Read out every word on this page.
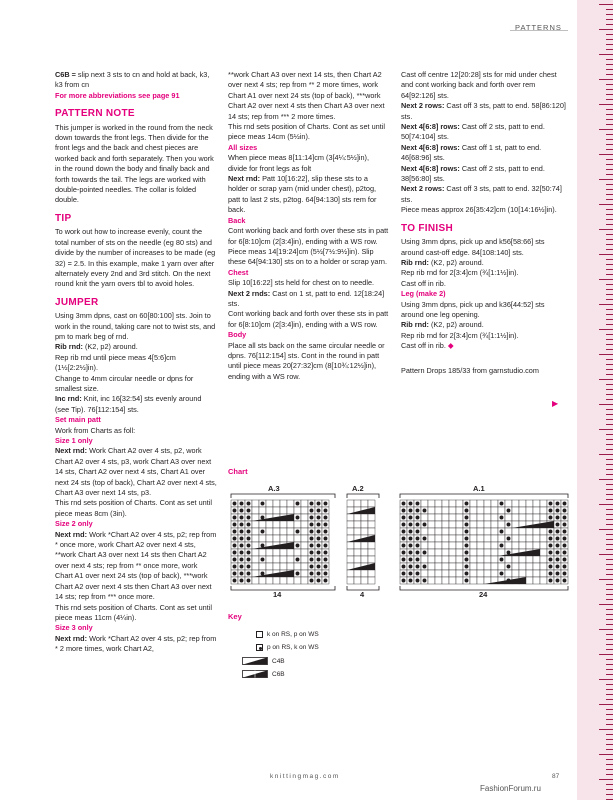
PATTERNS

C6B = slip next 3 sts to cn and hold at back, k3, k3 from cn

For more abbreviations see page 91

PATTERN NOTE

This jumper is worked in the round from the neck down towards the front legs. Then divide for the front legs and the back and chest pieces are worked back and forth separately. Then you work in the round down the body and finally back and forth towards the tail. The legs are worked with double-pointed needles. The collar is folded double.

TIP

To work out how to increase evenly, count the total number of sts on the needle (eg 80 sts) and divide by the number of increases to be made (eg 32) = 2.5. In this example, make 1 yarn over after alternately every 2nd and 3rd stitch. On the next round knit the yarn overs tbl to avoid holes.

JUMPER

Using 3mm dpns, cast on 60[80:100] sts. Join to work in the round, taking care not to twist sts, and pm to mark beg of rnd.

Rib rnd: (K2, p2) around.

Rep rib rnd until piece meas 4[5:6]cm (1½[2:2½]in).

Change to 4mm circular needle or dpns for smallest size.

Inc rnd: Knit, inc 16[32:54] sts evenly around (see Tip). 76[112:154] sts.

Set main patt

Work from Charts as foll:

Size 1 only

Next rnd: Work Chart A2 over 4 sts, p2, work Chart A2 over 4 sts, p3, work Chart A3 over next 14 sts, Chart A2 over next 4 sts, Chart A1 over next 24 sts (top of back), Chart A2 over next 4 sts, Chart A3 over next 14 sts, p3.

This rnd sets position of Charts. Cont as set until piece meas 8cm (3in).

Size 2 only

Next rnd: Work *Chart A2 over 4 sts, p2; rep from * once more, work Chart A2 over next 4 sts, **work Chart A3 over next 14 sts then Chart A2 over next 4 sts; rep from ** once more, work Chart A1 over next 24 sts (top of back), ***work Chart A2 over next 4 sts then Chart A3 over next 14 sts; rep from *** once more.

This rnd sets position of Charts. Cont as set until piece meas 11cm (4¼in).

Size 3 only

Next rnd: Work *Chart A2 over 4 sts, p2; rep from * 2 more times, work Chart A2,

**work Chart A3 over next 14 sts, then Chart A2 over next 4 sts; rep from ** 2 more times, work Chart A1 over next 24 sts (top of back), ***work Chart A2 over next 4 sts then Chart A3 over next 14 sts; rep from *** 2 more times.

This rnd sets position of Charts. Cont as set until piece meas 14cm (5½in).

All sizes

When piece meas 8[11:14]cm (3[4¼:5½]in), divide for front legs as folt

Next rnd: Patt 10[16:22], slip these sts to a holder or scrap yarn (mid under chest), p2tog, patt to last 2 sts, p2tog. 64[94:130] sts rem for back.

Back

Cont working back and forth over these sts in patt for 6[8:10]cm (2[3:4]in), ending with a WS row. Piece meas 14[19:24]cm (5½[7½:9½]in). Slip these 64[94:130] sts on to a holder or scrap yarn.

Chest

Slip 10[16:22] sts held for chest on to needle.

Next 2 rnds: Cast on 1 st, patt to end. 12[18:24] sts.

Cont working back and forth over these sts in patt for 6[8:10]cm (2[3:4]in), ending with a WS row.

Body

Place all sts back on the same circular needle or dpns. 76[112:154] sts. Cont in the round in patt until piece meas 20[27:32]cm (8[10¾:12½]in), ending with a WS row.

Cast off centre 12[20:28] sts for mid under chest and cont working back and forth over rem 64[92:126] sts.

Next 2 rows: Cast off 3 sts, patt to end. 58[86:120] sts.

Next 4[6:8] rows: Cast off 2 sts, patt to end. 50[74:104] sts.

Next 4[6:8] rows: Cast off 1 st, patt to end. 46[68:96] sts.

Next 4[6:8] rows: Cast off 2 sts, patt to end. 38[56:80] sts.

Next 2 rows: Cast off 3 sts, patt to end. 32[50:74] sts.

Piece meas approx 26[35:42]cm (10[14:16½]in).

TO FINISH

Using 3mm dpns, pick up and k56[58:66] sts around cast-off edge. 84[108:140] sts.

Rib rnd: (K2, p2) around.

Rep rib rnd for 2[3:4]cm (¾[1:1½]in).

Cast off in rib.

Leg (make 2)

Using 3mm dpns, pick up and k36[44:52] sts around one leg opening.

Rib rnd: (K2, p2) around.

Rep rib rnd for 2[3:4]cm (¾[1:1½]in).

Cast off in rib. ◆

Pattern Drops 185/33 from garnstudio.com

▶
Chart
A.3
14
A.2
4
A.1
24
Key
k on RS, p on WS
p on RS, k on WS
C4B
C6B
knittingmag.com	87
FashionForum.ru
